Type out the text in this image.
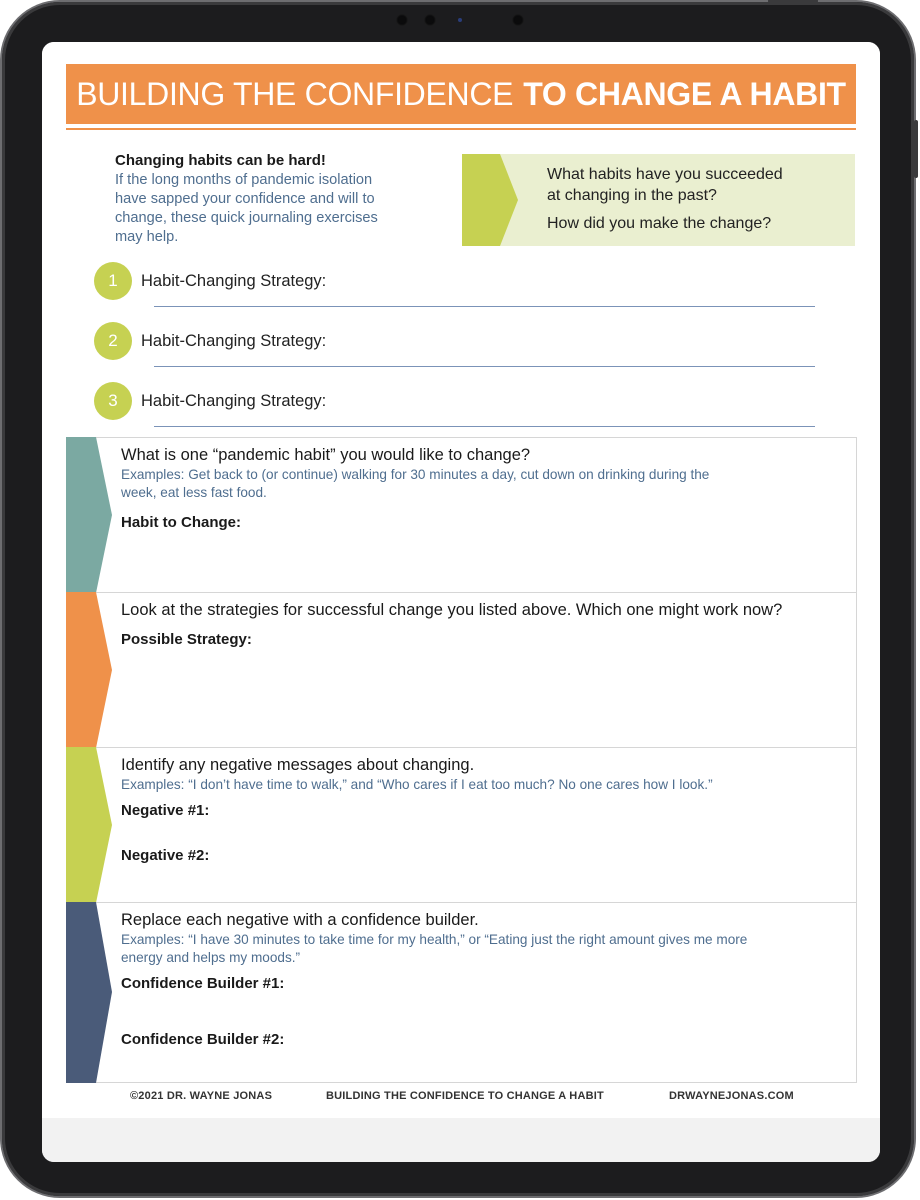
BUILDING THE CONFIDENCE TO CHANGE A HABIT
Changing habits can be hard!
If the long months of pandemic isolation
have sapped your confidence and will to
change, these quick journaling exercises
may help.
What habits have you succeeded
at changing in the past?
How did you make the change?
1	Habit-Changing Strategy:
2	Habit-Changing Strategy:
3	Habit-Changing Strategy:
What is one “pandemic habit” you would like to change?
Examples: Get back to (or continue) walking for 30 minutes a day, cut down on drinking during the
week, eat less fast food.
Habit to Change:
Look at the strategies for successful change you listed above. Which one might work now?
Possible Strategy:
Identify any negative messages about changing.
Examples: “I don’t have time to walk,” and “Who cares if I eat too much? No one cares how I look.”
Negative #1:
Negative #2:
Replace each negative with a confidence builder.
Examples: “I have 30 minutes to take time for my health,” or “Eating just the right amount gives me more
energy and helps my moods.”
Confidence Builder #1:
Confidence Builder #2:
©2021 DR. WAYNE JONAS	BUILDING THE CONFIDENCE TO CHANGE A HABIT	DRWAYNEJONAS.COM
